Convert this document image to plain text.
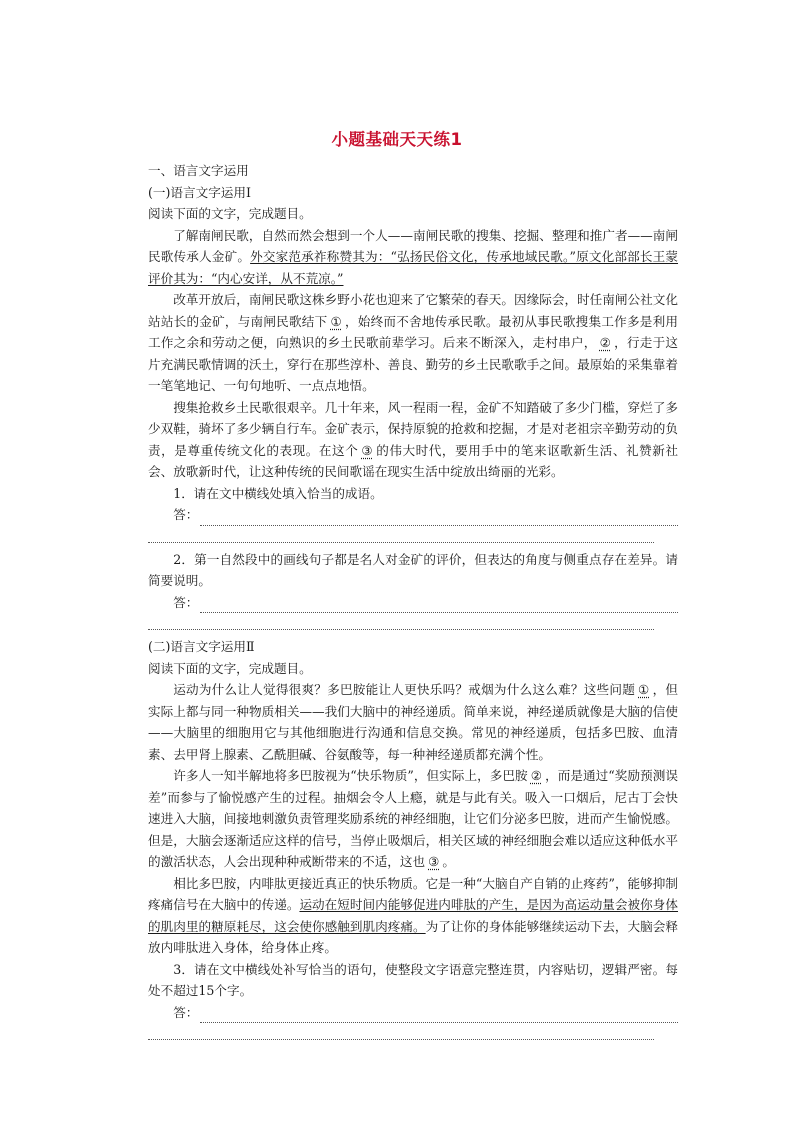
小题基础天天练1

一、语言文字运用

(一)语言文字运用Ⅰ

阅读下面的文字，完成题目。

了解南闸民歌，自然而然会想到一个人——南闸民歌的搜集、挖掘、整理和推广者——南闸民歌传承人金矿。外交家范承祚称赞其为：“弘扬民俗文化，传承地域民歌。”原文化部部长王蒙评价其为：“内心安详，从不荒凉。”

改革开放后，南闸民歌这株乡野小花也迎来了它繁荣的春天。因缘际会，时任南闸公社文化站站长的金矿，与南闸民歌结下 ① ，始终而不舍地传承民歌。最初从事民歌搜集工作多是利用工作之余和劳动之便，向熟识的乡土民歌前辈学习。后来不断深入，走村串户， ② ，行走于这片充满民歌情调的沃土，穿行在那些淳朴、善良、勤劳的乡土民歌歌手之间。最原始的采集靠着一笔笔地记、一句句地听、一点点地悟。

搜集抢救乡土民歌很艰辛。几十年来，风一程雨一程，金矿不知踏破了多少门槛，穿烂了多少双鞋，骑坏了多少辆自行车。金矿表示，保持原貌的抢救和挖掘，才是对老祖宗辛勤劳动的负责，是尊重传统文化的表现。在这个 ③ 的伟大时代，要用手中的笔来讴歌新生活、礼赞新社会、放歌新时代，让这种传统的民间歌谣在现实生活中绽放出绮丽的光彩。

1．请在文中横线处填入恰当的成语。

答：

2．第一自然段中的画线句子都是名人对金矿的评价，但表达的角度与侧重点存在差异。请简要说明。

答：

(二)语言文字运用Ⅱ

阅读下面的文字，完成题目。

运动为什么让人觉得很爽？多巴胺能让人更快乐吗？戒烟为什么这么难？这些问题 ① ，但实际上都与同一种物质相关——我们大脑中的神经递质。简单来说，神经递质就像是大脑的信使——大脑里的细胞用它与其他细胞进行沟通和信息交换。常见的神经递质，包括多巴胺、血清素、去甲肾上腺素、乙酰胆碱、谷氨酸等，每一种神经递质都充满个性。

许多人一知半解地将多巴胺视为“快乐物质”，但实际上，多巴胺 ② ，而是通过“奖励预测误差”而参与了愉悦感产生的过程。抽烟会令人上瘾，就是与此有关。吸入一口烟后，尼古丁会快速进入大脑，间接地刺激负责管理奖励系统的神经细胞，让它们分泌多巴胺，进而产生愉悦感。但是，大脑会逐渐适应这样的信号，当停止吸烟后，相关区域的神经细胞会难以适应这种低水平的激活状态，人会出现种种戒断带来的不适，这也 ③ 。

相比多巴胺，内啡肽更接近真正的快乐物质。它是一种“大脑自产自销的止疼药”，能够抑制疼痛信号在大脑中的传递。运动在短时间内能够促进内啡肽的产生，是因为高运动量会被你身体的肌肉里的糖原耗尽，这会使你感触到肌肉疼痛。为了让你的身体能够继续运动下去，大脑会释放内啡肽进入身体，给身体止疼。

3．请在文中横线处补写恰当的语句，使整段文字语意完整连贯，内容贴切，逻辑严密。每处不超过15个字。

答：
